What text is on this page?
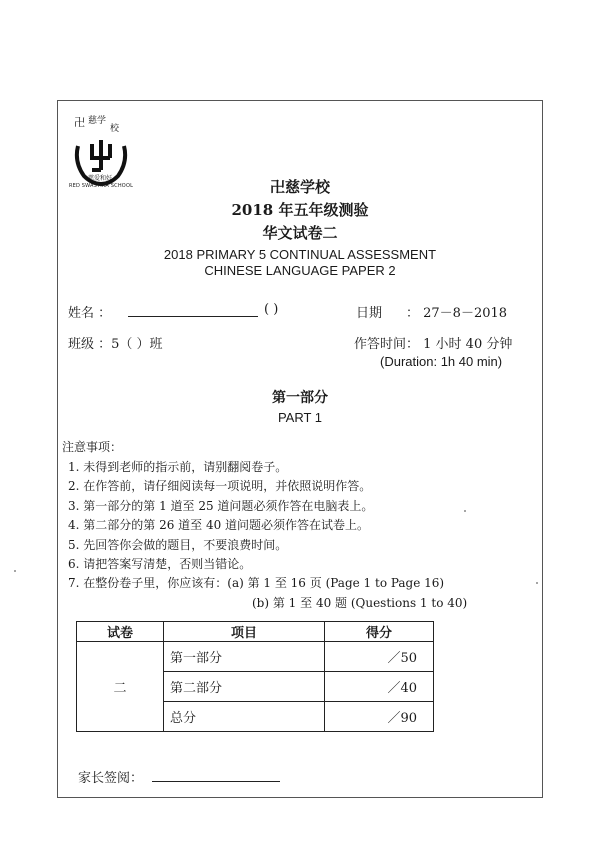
卍 慈学
校
慈爱和好
RED SWASTIKA SCHOOL	卍慈学校
2018 年五年级测验
华文试卷二
2018 PRIMARY 5 CONTINUAL ASSESSMENT
CHINESE LANGUAGE PAPER 2
姓名 ：	( )	日期 ： 27－8－2018
班级 ：5（ ）班	作答时间： 1 小时 40 分钟
(Duration: 1h 40 min)
第一部分
PART 1
注意事项：
1. 未得到老师的指示前，请别翻阅卷子。
2. 在作答前，请仔细阅读每一项说明，并依照说明作答。
3. 第一部分的第 1 道至 25 道问题必须作答在电脑表上。
4. 第二部分的第 26 道至 40 道问题必须作答在试卷上。
5. 先回答你会做的题目，不要浪费时间。
6. 请把答案写清楚，否则当错论。
7. 在整份卷子里，你应该有：(a) 第 1 至 16 页 (Page 1 to Page 16)
(b) 第 1 至 40 题 (Questions 1 to 40)
试卷	项目	得分
二	第一部分	／50
	第二部分	／40
	总分	／90
家长签阅：
